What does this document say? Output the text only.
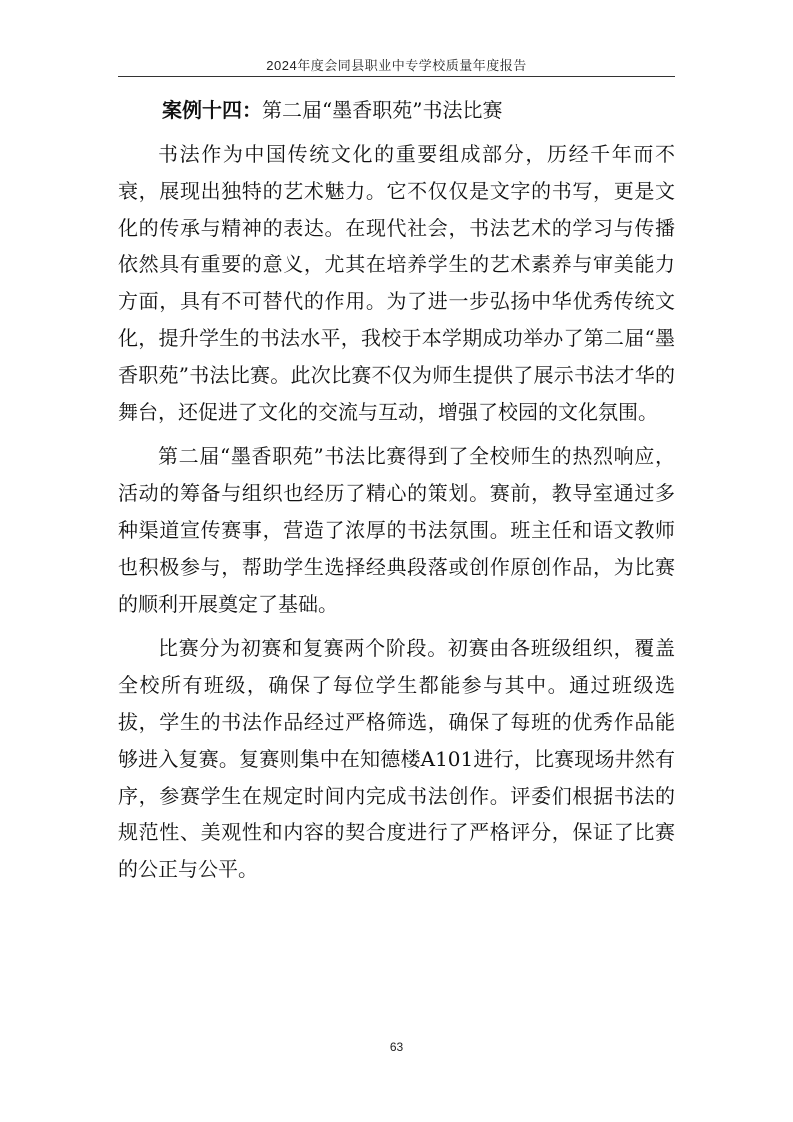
2024年度会同县职业中专学校质量年度报告
案例十四：第二届“墨香职苑”书法比赛

书法作为中国传统文化的重要组成部分，历经千年而不衰，展现出独特的艺术魅力。它不仅仅是文字的书写，更是文化的传承与精神的表达。在现代社会，书法艺术的学习与传播依然具有重要的意义，尤其在培养学生的艺术素养与审美能力方面，具有不可替代的作用。为了进一步弘扬中华优秀传统文化，提升学生的书法水平，我校于本学期成功举办了第二届“墨香职苑”书法比赛。此次比赛不仅为师生提供了展示书法才华的舞台，还促进了文化的交流与互动，增强了校园的文化氛围。

第二届“墨香职苑”书法比赛得到了全校师生的热烈响应，活动的筹备与组织也经历了精心的策划。赛前，教导室通过多种渠道宣传赛事，营造了浓厚的书法氛围。班主任和语文教师也积极参与，帮助学生选择经典段落或创作原创作品，为比赛的顺利开展奠定了基础。

比赛分为初赛和复赛两个阶段。初赛由各班级组织，覆盖全校所有班级，确保了每位学生都能参与其中。通过班级选拔，学生的书法作品经过严格筛选，确保了每班的优秀作品能够进入复赛。复赛则集中在知德楼A101进行，比赛现场井然有序，参赛学生在规定时间内完成书法创作。评委们根据书法的规范性、美观性和内容的契合度进行了严格评分，保证了比赛的公正与公平。

63
